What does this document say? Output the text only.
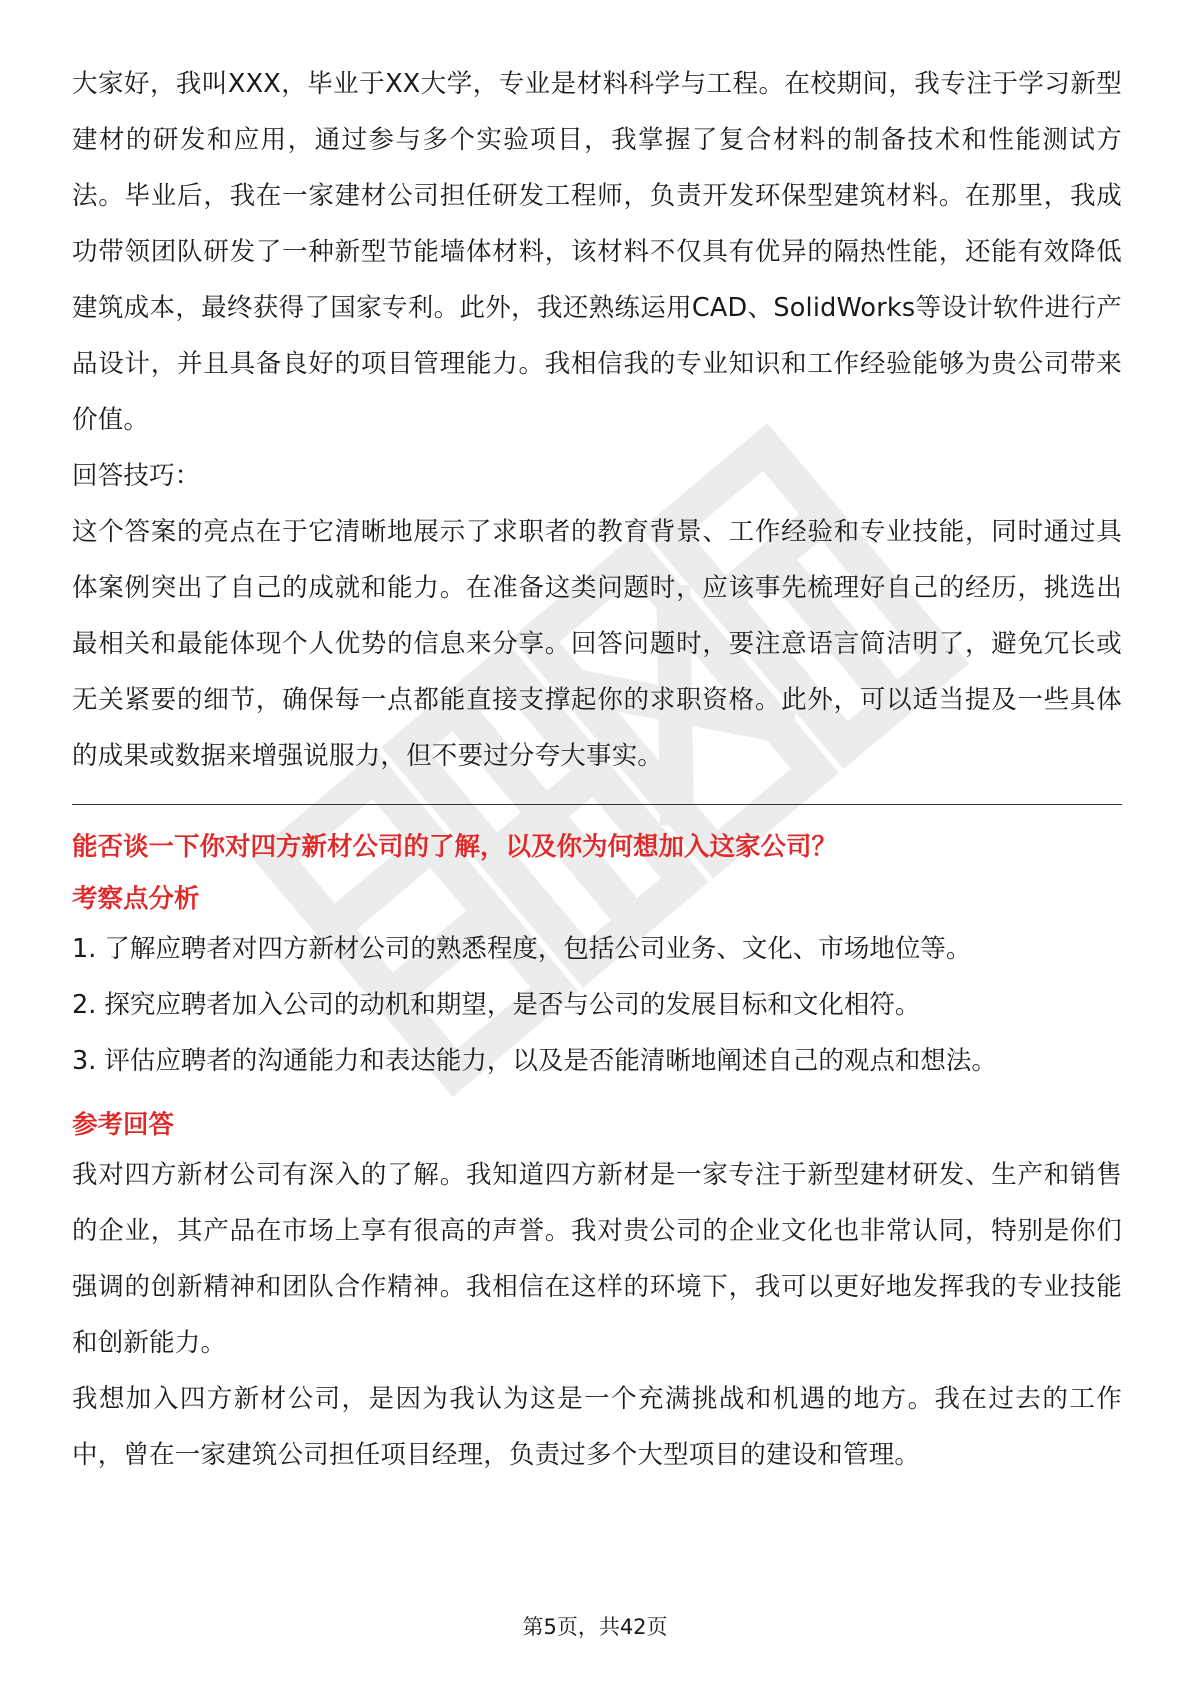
大家好，我叫XXX，毕业于XX大学，专业是材料科学与工程。在校期间，我专注于学习新型建材的研发和应用，通过参与多个实验项目，我掌握了复合材料的制备技术和性能测试方法。毕业后，我在一家建材公司担任研发工程师，负责开发环保型建筑材料。在那里，我成功带领团队研发了一种新型节能墙体材料，该材料不仅具有优异的隔热性能，还能有效降低建筑成本，最终获得了国家专利。此外，我还熟练运用CAD、SolidWorks等设计软件进行产品设计，并且具备良好的项目管理能力。我相信我的专业知识和工作经验能够为贵公司带来价值。

回答技巧：

这个答案的亮点在于它清晰地展示了求职者的教育背景、工作经验和专业技能，同时通过具体案例突出了自己的成就和能力。在准备这类问题时，应该事先梳理好自己的经历，挑选出最相关和最能体现个人优势的信息来分享。回答问题时，要注意语言简洁明了，避免冗长或无关紧要的细节，确保每一点都能直接支撑起你的求职资格。此外，可以适当提及一些具体的成果或数据来增强说服力，但不要过分夸大事实。

能否谈一下你对四方新材公司的了解，以及你为何想加入这家公司？

考察点分析

1. 了解应聘者对四方新材公司的熟悉程度，包括公司业务、文化、市场地位等。

2. 探究应聘者加入公司的动机和期望，是否与公司的发展目标和文化相符。

3. 评估应聘者的沟通能力和表达能力，以及是否能清晰地阐述自己的观点和想法。

参考回答

我对四方新材公司有深入的了解。我知道四方新材是一家专注于新型建材研发、生产和销售的企业，其产品在市场上享有很高的声誉。我对贵公司的企业文化也非常认同，特别是你们强调的创新精神和团队合作精神。我相信在这样的环境下，我可以更好地发挥我的专业技能和创新能力。

我想加入四方新材公司，是因为我认为这是一个充满挑战和机遇的地方。我在过去的工作中，曾在一家建筑公司担任项目经理，负责过多个大型项目的建设和管理。

第5页，共42页
